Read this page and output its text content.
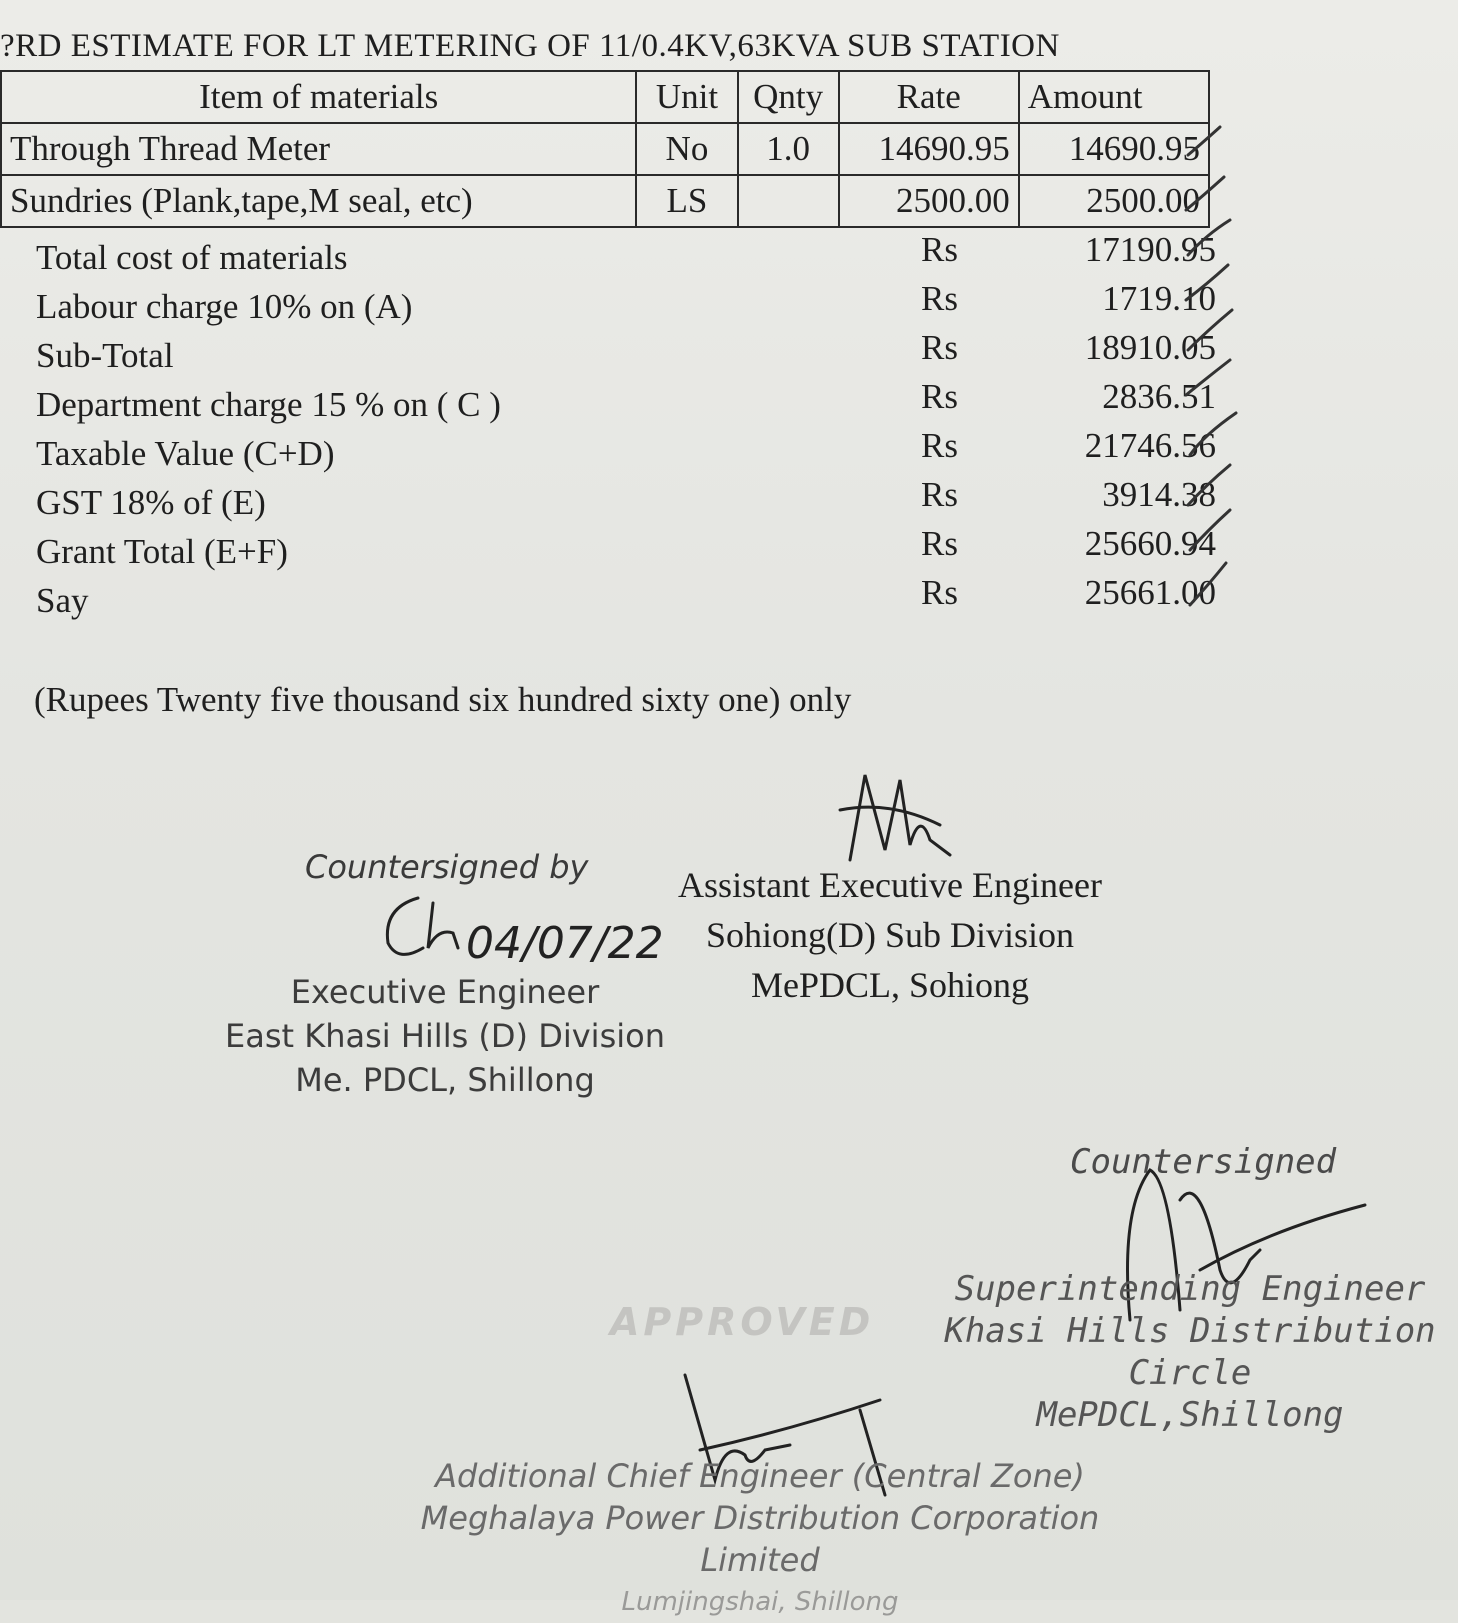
?RD ESTIMATE FOR LT METERING OF 11/0.4KV,63KVA SUB STATION
Item of materials	Unit	Qnty	Rate	Amount
Through Thread Meter	No	1.0	14690.95	14690.95
Sundries (Plank,tape,M seal, etc)	LS		2500.00	2500.00
Total cost of materials	Rs	17190.95
Labour charge 10% on (A)	Rs	1719.10
Sub-Total	Rs	18910.05
Department charge 15 % on ( C )	Rs	2836.51
Taxable Value (C+D)	Rs	21746.56
GST 18% of (E)	Rs	3914.38
Grant Total (E+F)	Rs	25660.94
Say	Rs	25661.00
(Rupees Twenty five thousand six hundred sixty one) only
Countersigned by
04/07/22
Assistant Executive Engineer
Sohiong(D) Sub Division
MePDCL, Sohiong
Executive Engineer
East Khasi Hills (D) Division
Me. PDCL, Shillong
Countersigned
Superintending Engineer
Khasi Hills Distribution Circle
MePDCL,Shillong
APPROVED
Additional Chief Engineer (Central Zone)
Meghalaya Power Distribution Corporation Limited
Lumjingshai, Shillong
